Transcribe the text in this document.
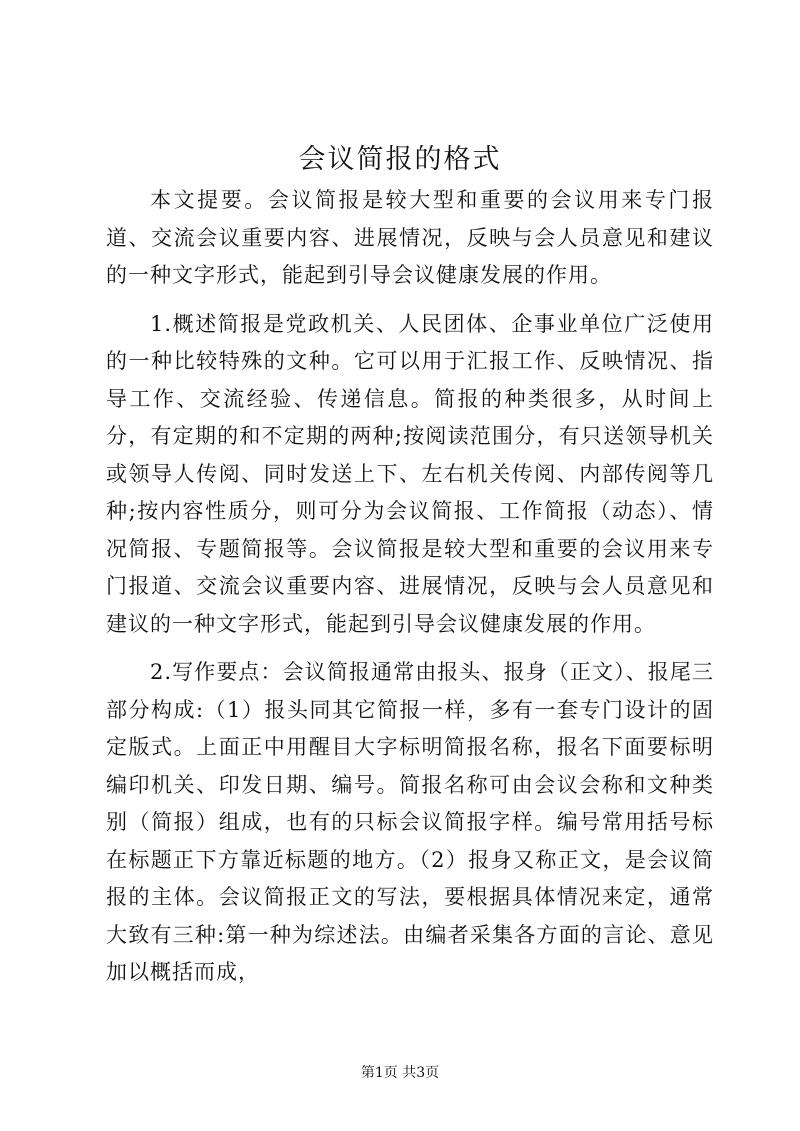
会议简报的格式

本文提要。会议简报是较大型和重要的会议用来专门报道、交流会议重要内容、进展情况，反映与会人员意见和建议的一种文字形式，能起到引导会议健康发展的作用。

1.概述简报是党政机关、人民团体、企事业单位广泛使用的一种比较特殊的文种。它可以用于汇报工作、反映情况、指导工作、交流经验、传递信息。简报的种类很多，从时间上分，有定期的和不定期的两种;按阅读范围分，有只送领导机关或领导人传阅、同时发送上下、左右机关传阅、内部传阅等几种;按内容性质分，则可分为会议简报、工作简报（动态）、情况简报、专题简报等。会议简报是较大型和重要的会议用来专门报道、交流会议重要内容、进展情况，反映与会人员意见和建议的一种文字形式，能起到引导会议健康发展的作用。

2.写作要点：会议简报通常由报头、报身（正文）、报尾三部分构成:（1）报头同其它简报一样，多有一套专门设计的固定版式。上面正中用醒目大字标明简报名称，报名下面要标明编印机关、印发日期、编号。简报名称可由会议会称和文种类别（简报）组成，也有的只标会议简报字样。编号常用括号标在标题正下方靠近标题的地方。（2）报身又称正文，是会议简报的主体。会议简报正文的写法，要根据具体情况来定，通常大致有三种:第一种为综述法。由编者采集各方面的言论、意见加以概括而成，

第1页 共3页
